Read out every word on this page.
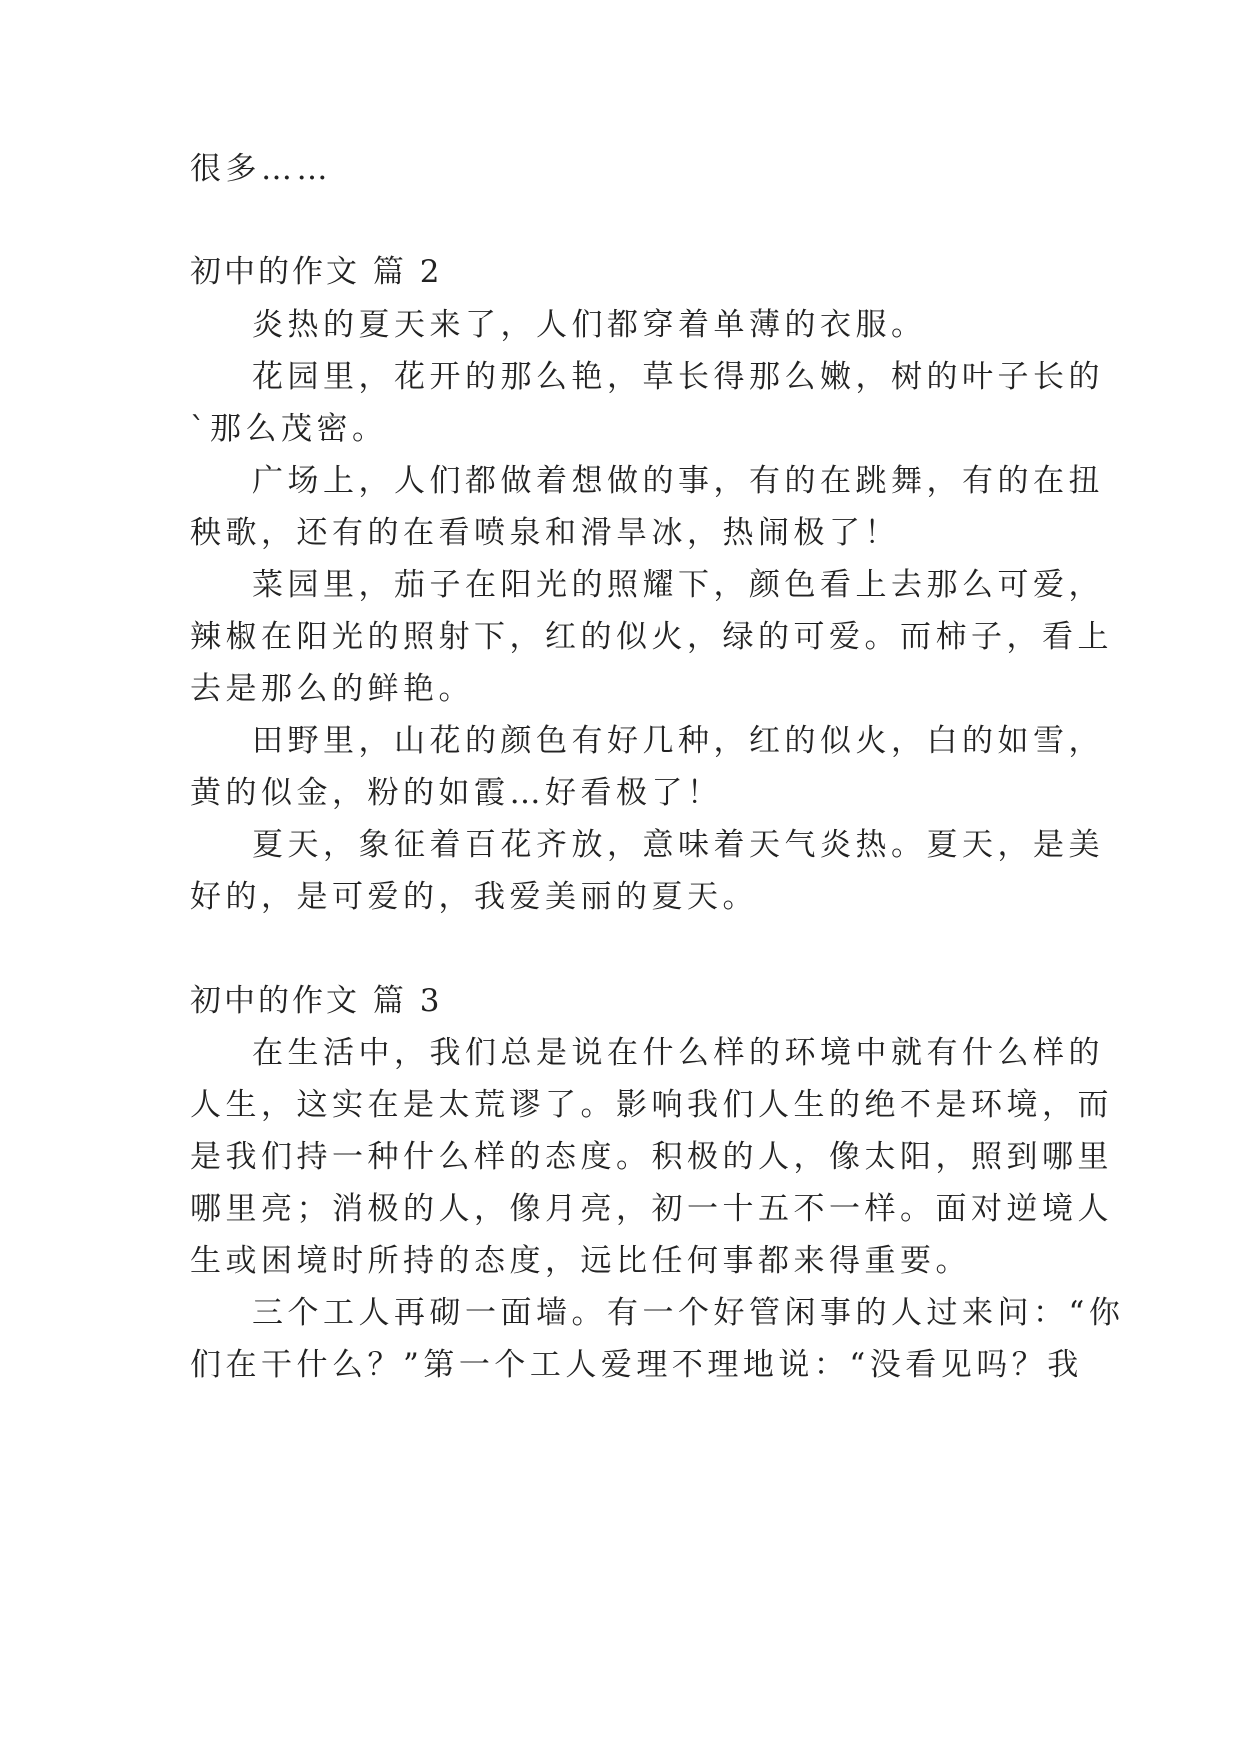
很多……
初中的作文 篇 2
炎热的夏天来了，人们都穿着单薄的衣服。
花园里，花开的那么艳，草长得那么嫩，树的叶子长的
`那么茂密。
广场上，人们都做着想做的事，有的在跳舞，有的在扭
秧歌，还有的在看喷泉和滑旱冰，热闹极了！
菜园里，茄子在阳光的照耀下，颜色看上去那么可爱，
辣椒在阳光的照射下，红的似火，绿的可爱。而柿子，看上
去是那么的鲜艳。
田野里，山花的颜色有好几种，红的似火，白的如雪，
黄的似金，粉的如霞…好看极了！
夏天，象征着百花齐放，意味着天气炎热。夏天，是美
好的，是可爱的，我爱美丽的夏天。
初中的作文 篇 3
在生活中，我们总是说在什么样的环境中就有什么样的
人生，这实在是太荒谬了。影响我们人生的绝不是环境，而
是我们持一种什么样的态度。积极的人，像太阳，照到哪里
哪里亮；消极的人，像月亮，初一十五不一样。面对逆境人
生或困境时所持的态度，远比任何事都来得重要。
三个工人再砌一面墙。有一个好管闲事的人过来问：“你
们在干什么？”第一个工人爱理不理地说：“没看见吗？我
